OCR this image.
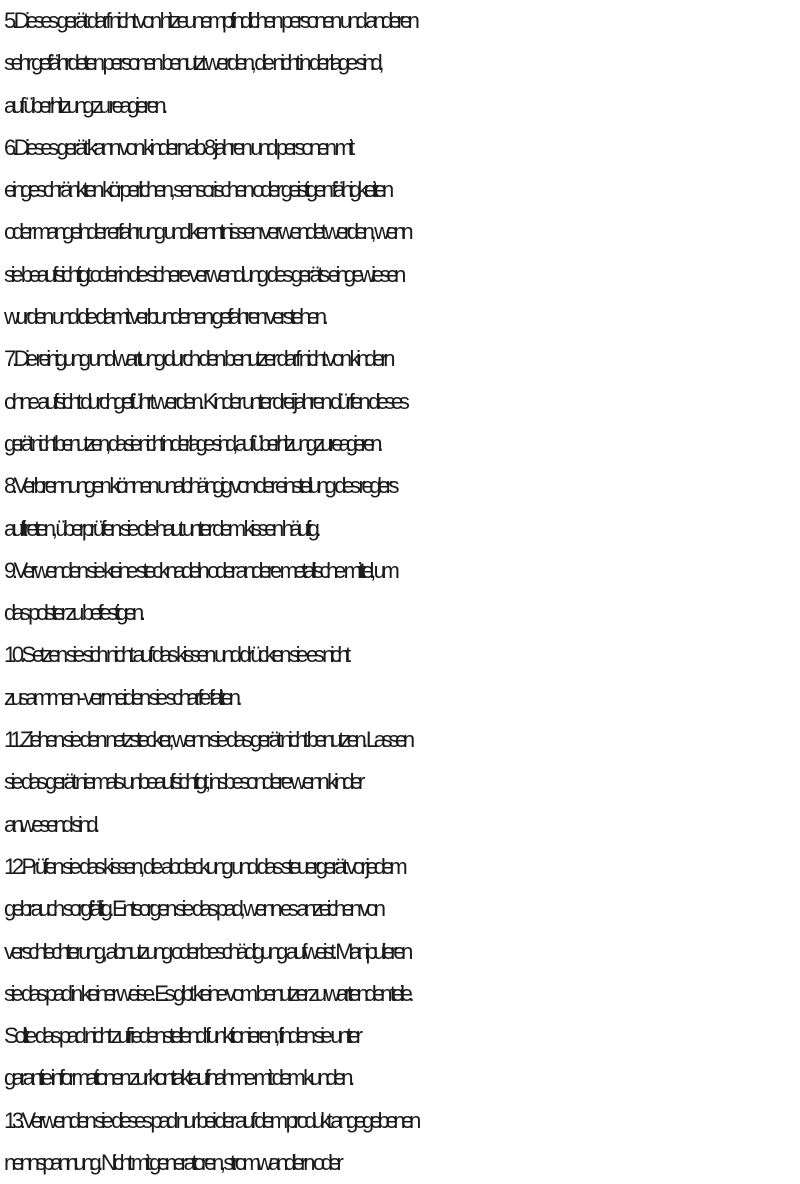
5.Dieses gerät darf nicht von hitzeunempfindlichen personen und anderen
sehr gefährdeten personen benutzt werden, die nicht in der lage sind,
auf überhitzung zu reagieren.
6.Dieses gerät kann von kindern ab 8 jahren und personen mit
eingeschränkten körperlichen, sensorischen oder geistigen fähigkeiten
oder mangelnder erfahrung und kenntnissen verwendet werden, wenn
sie beaufsichtigt oder in die sichere verwendung des geräts eingewiesen
wurden und die damit verbundenen gefahren verstehen.
7.Die reinigung und wartung durch den benutzer darf nicht von kindern
ohne aufsicht durchgeführt werden. Kinder unter drei jahren dürfen dieses
gerät nicht benutzen, da sie nicht in der lage sind, auf überhitzung zu reagieren.
8.Verbrennungen können unabhängig von der einstellung des reglers
auftreten, überprüfen sie die haut unter dem kissen häufig.
9.Verwenden sie keine stecknadeln oder andere metallische mittel, um
das polster zu befestigen.
10.Setzen sie sich nicht auf das kissen und drücken sie es nicht
zusammen - vermeiden sie scharfe falten.
11.Ziehen sie den netzstecker, wenn sie das gerät nicht benutzen. Lassen
sie das gerät niemals unbeaufsichtigt, insbesondere wenn kinder
anwesend sind.
12.Prüfen sie das kissen, die abdeckung und das steuergerät vor jedem
gebrauch sorgfältig. Entsorgen sie das pad, wenn es anzeichen von
verschlechterung, abnutzung oder beschädigung aufweist. Manipulieren
sie das pad in keiner weise. Es gibt keine vom benutzer zu wartenden teile.
Sollte das pad nicht zufriedenstellend funktionieren, finden sie unter
garantie informationen zur kontaktaufnahme mit dem kunden.
13.Verwenden sie dieses pad nur bei der auf dem produkt angegebenen
nennspannung. Nicht mit generatoren, stromwandlern oder
